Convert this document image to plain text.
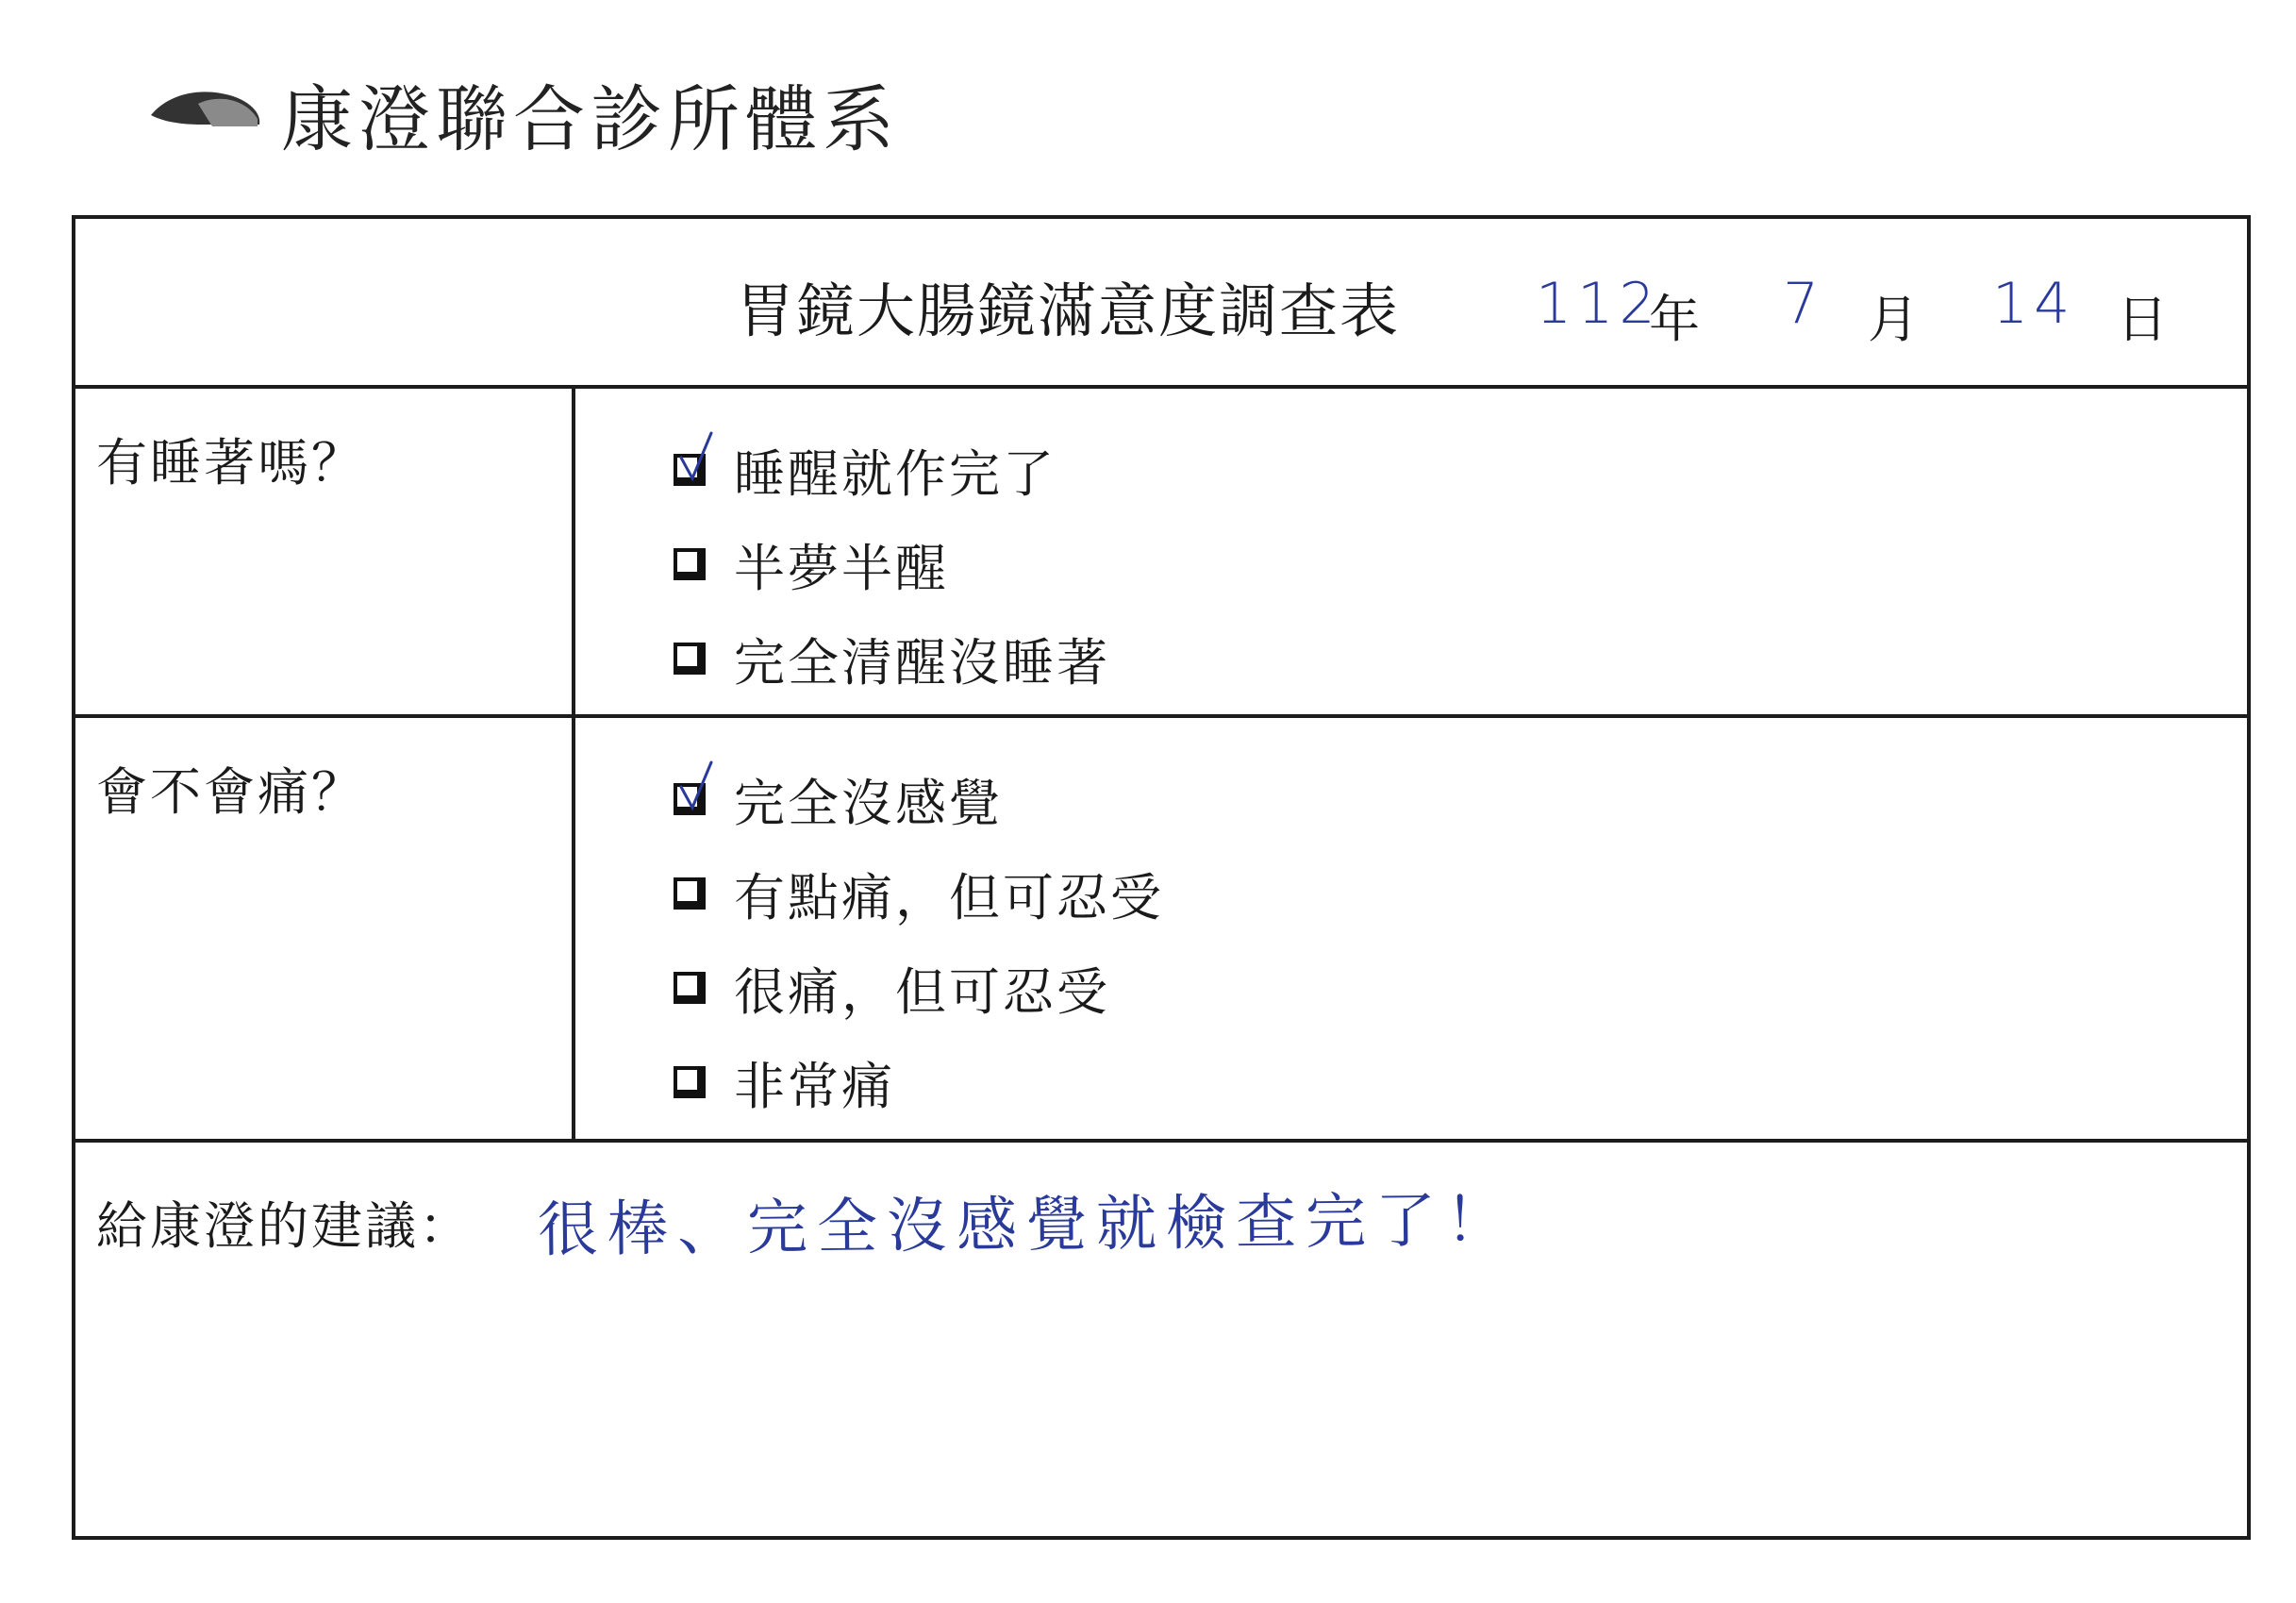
康澄聯合診所體系
胃鏡大腸鏡滿意度調查表 112
年 7 月 14 日
有睡著嗎？	睡醒就作完了
半夢半醒
完全清醒沒睡著
會不會痛？	完全沒感覺
有點痛，但可忍受
很痛，但可忍受
非常痛
給康澄的建議： 很棒、完全沒感覺就檢查完了！
